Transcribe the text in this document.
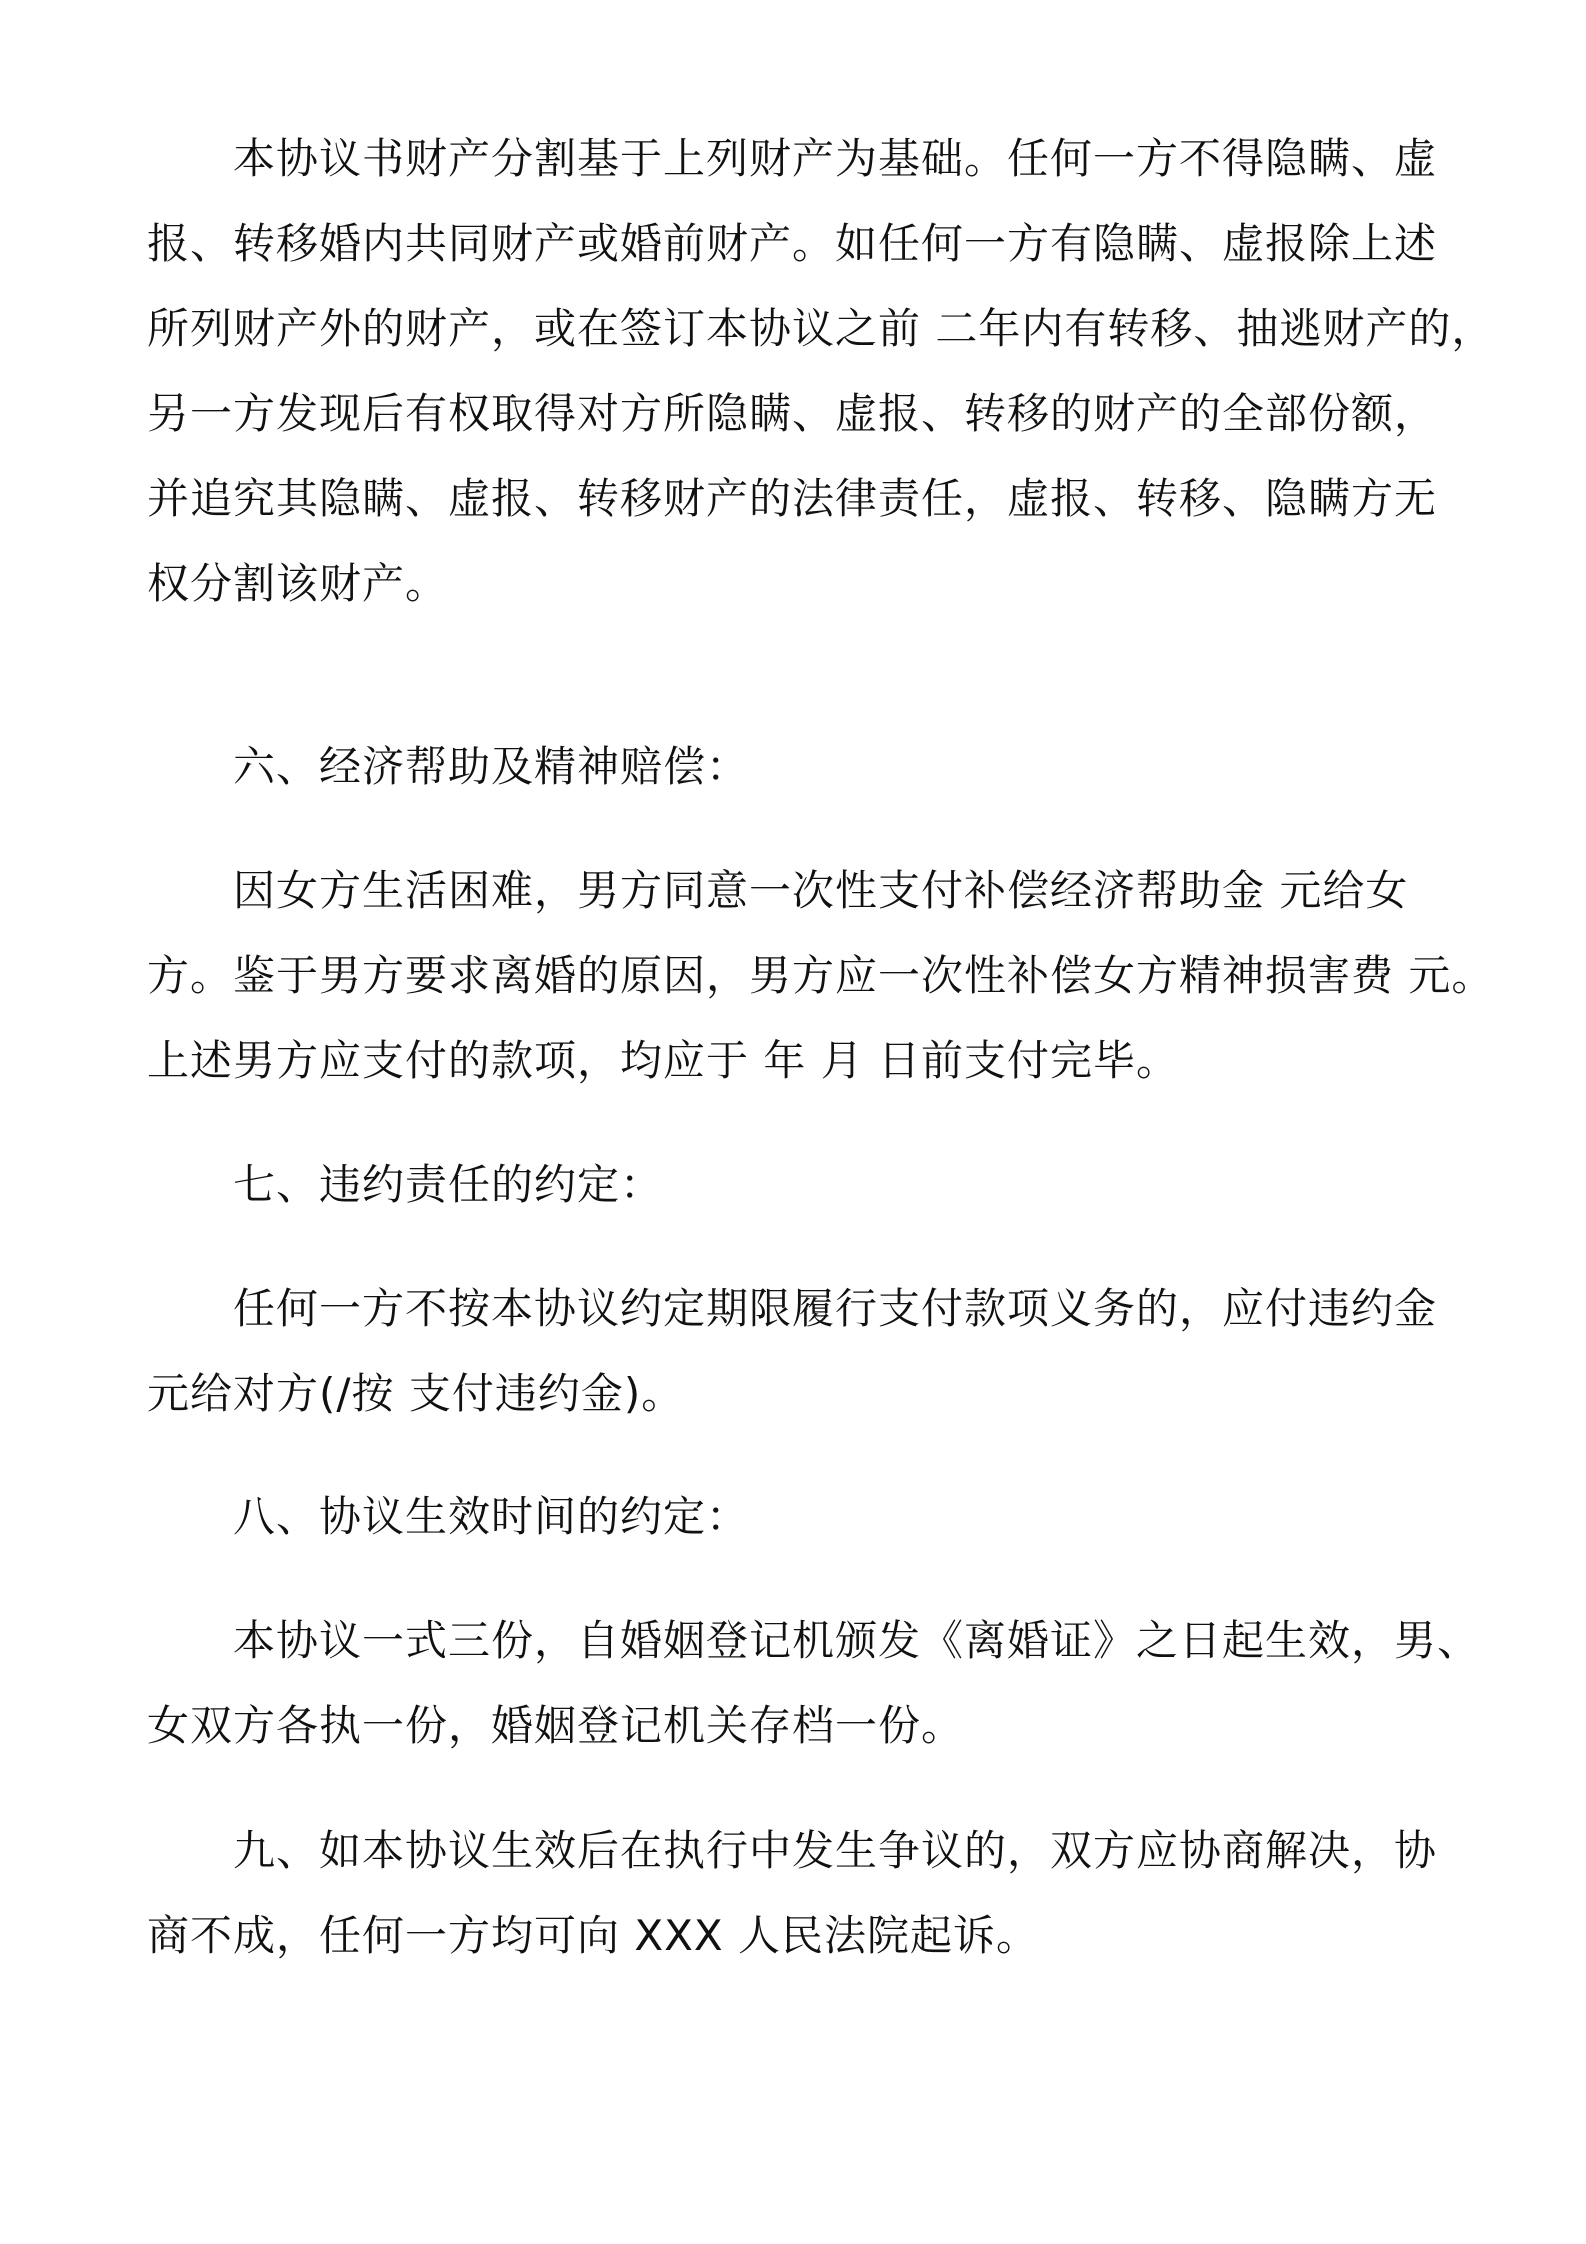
本协议书财产分割基于上列财产为基础。任何一方不得隐瞒、虚
报、转移婚内共同财产或婚前财产。如任何一方有隐瞒、虚报除上述
所列财产外的财产，或在签订本协议之前 二年内有转移、抽逃财产的，
另一方发现后有权取得对方所隐瞒、虚报、转移的财产的全部份额，
并追究其隐瞒、虚报、转移财产的法律责任，虚报、转移、隐瞒方无
权分割该财产。
六、经济帮助及精神赔偿：
因女方生活困难，男方同意一次性支付补偿经济帮助金 元给女
方。鉴于男方要求离婚的原因，男方应一次性补偿女方精神损害费 元。
上述男方应支付的款项，均应于 年 月 日前支付完毕。
七、违约责任的约定：
任何一方不按本协议约定期限履行支付款项义务的，应付违约金
元给对方(/按 支付违约金)。
八、协议生效时间的约定：
本协议一式三份，自婚姻登记机颁发《离婚证》之日起生效，男、
女双方各执一份，婚姻登记机关存档一份。
九、如本协议生效后在执行中发生争议的，双方应协商解决，协
商不成，任何一方均可向 XXX 人民法院起诉。
